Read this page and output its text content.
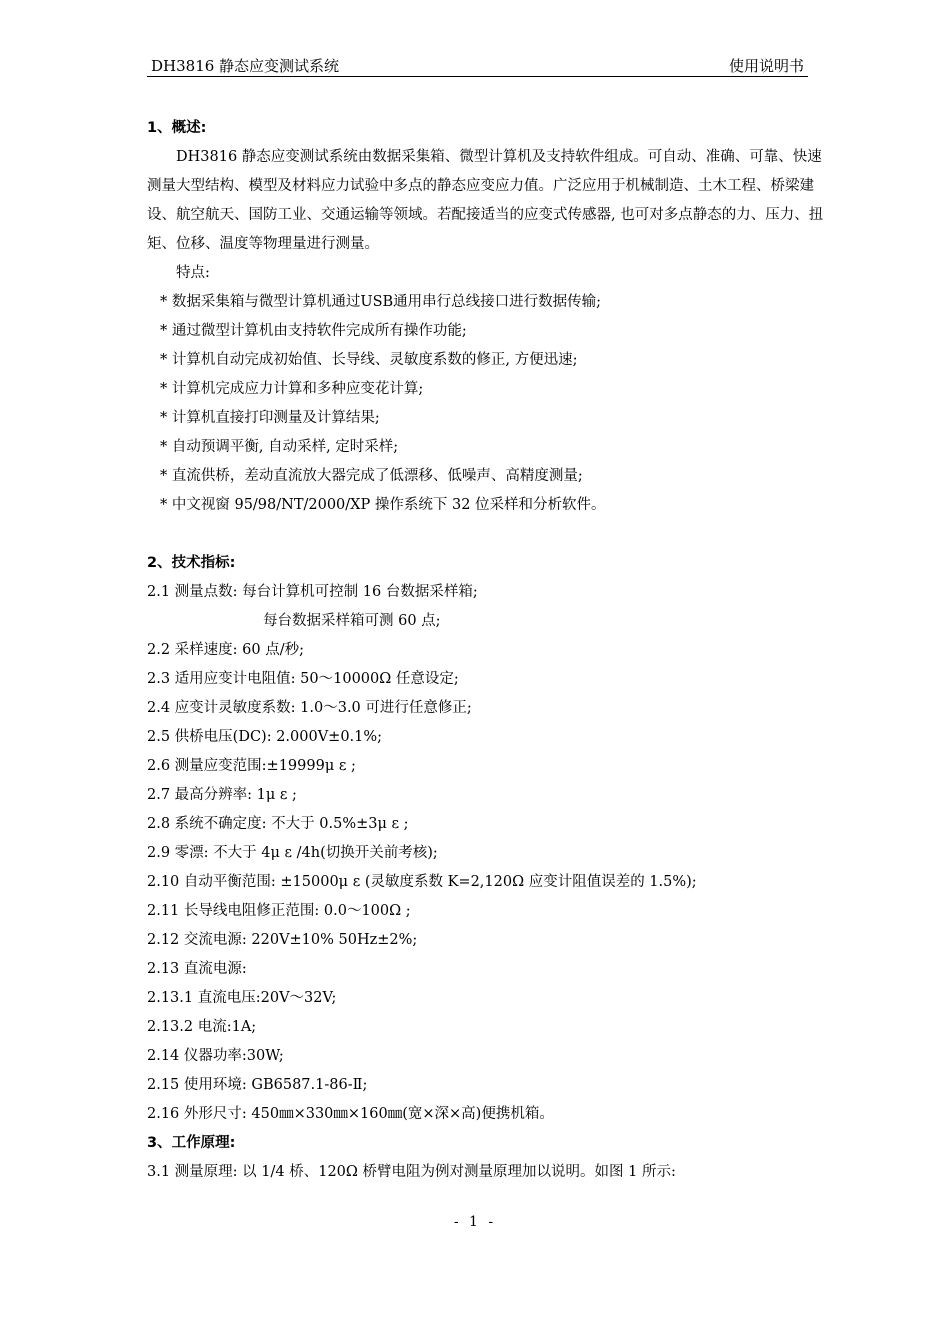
DH3816 静态应变测试系统	使用说明书
1、概述:

DH3816 静态应变测试系统由数据采集箱、微型计算机及支持软件组成。可自动、准确、可靠、快速测量大型结构、模型及材料应力试验中多点的静态应变应力值。广泛应用于机械制造、土木工程、桥梁建设、航空航天、国防工业、交通运输等领域。若配接适当的应变式传感器, 也可对多点静态的力、压力、扭矩、位移、温度等物理量进行测量。

特点:
* 数据采集箱与微型计算机通过USB通用串行总线接口进行数据传输;
* 通过微型计算机由支持软件完成所有操作功能;
* 计算机自动完成初始值、长导线、灵敏度系数的修正, 方便迅速;
* 计算机完成应力计算和多种应变花计算;
* 计算机直接打印测量及计算结果;
* 自动预调平衡, 自动采样, 定时采样;
* 直流供桥，差动直流放大器完成了低漂移、低噪声、高精度测量;
* 中文视窗 95/98/NT/2000/XP 操作系统下 32 位采样和分析软件。
2、技术指标:
2.1 测量点数: 每台计算机可控制 16 台数据采样箱;
每台数据采样箱可测 60 点;
2.2 采样速度: 60 点/秒;
2.3 适用应变计电阻值: 50～10000Ω 任意设定;
2.4 应变计灵敏度系数: 1.0～3.0 可进行任意修正;
2.5 供桥电压(DC): 2.000V±0.1%;
2.6 测量应变范围:±19999μ ε ;
2.7 最高分辨率: 1μ ε ;
2.8 系统不确定度: 不大于 0.5%±3μ ε ;
2.9 零漂: 不大于 4μ ε /4h(切换开关前考核);
2.10 自动平衡范围: ±15000μ ε (灵敏度系数 K=2,120Ω 应变计阻值误差的 1.5%);
2.11 长导线电阻修正范围: 0.0～100Ω ;
2.12 交流电源: 220V±10% 50Hz±2%;
2.13 直流电源:
2.13.1 直流电压:20V～32V;
2.13.2 电流:1A;
2.14 仪器功率:30W;
2.15 使用环境: GB6587.1-86-Ⅱ;
2.16 外形尺寸: 450㎜×330㎜×160㎜(宽×深×高)便携机箱。
3、工作原理:
3.1 测量原理: 以 1/4 桥、120Ω 桥臂电阻为例对测量原理加以说明。如图 1 所示:
- 1 -
